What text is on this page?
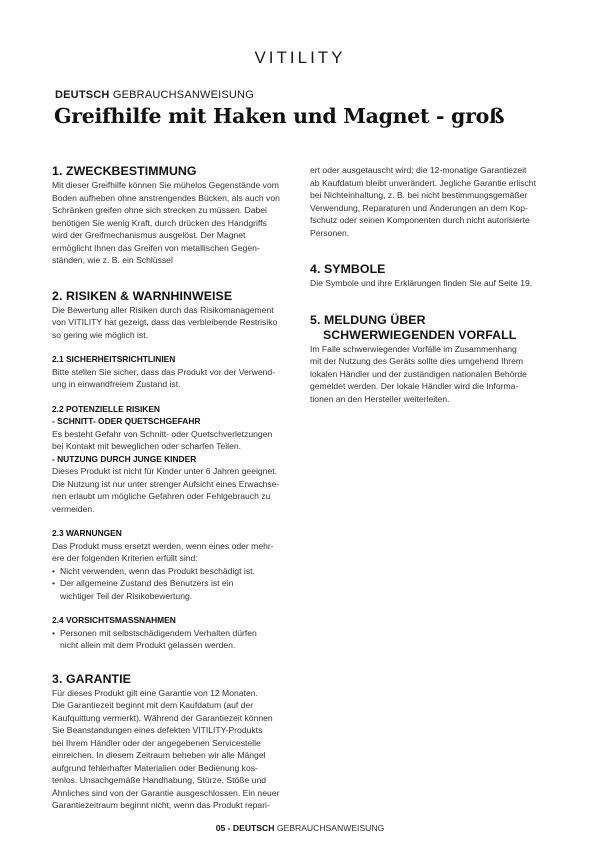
VITILITY
DEUTSCH GEBRAUCHSANWEISUNG
Greifhilfe mit Haken und Magnet - groß
1. ZWECKBESTIMMUNG
Mit dieser Greifhilfe können Sie mühelos Gegenstände vom
Boden aufheben ohne anstrengendes Bücken, als auch von
Schränken greifen ohne sich strecken zu müssen. Dabei
benötigen Sie wenig Kraft, durch drücken des Handgriffs
wird der Greifmechanismus ausgelöst. Der Magnet
ermöglicht Ihnen das Greifen von metallischen Gegen-
ständen, wie z. B. ein Schlüssel
2. RISIKEN & WARNHINWEISE
Die Bewertung aller Risiken durch das Risikomanagement
von VITILITY hat gezeigt, dass das verbleibende Restrisiko
so gering wie möglich ist.
2.1 SICHERHEITSRICHTLINIEN
Bitte stellen Sie sicher, dass das Produkt vor der Verwend-
ung in einwandfreiem Zustand ist.
2.2 POTENZIELLE RISIKEN
- SCHNITT- ODER QUETSCHGEFAHR
Es besteht Gefahr von Schnitt- oder Quetschverletzungen
bei Kontakt mit beweglichen oder scharfen Teilen.
- NUTZUNG DURCH JUNGE KINDER
Dieses Produkt ist nicht für Kinder unter 6 Jahren geeignet.
Die Nutzung ist nur unter strenger Aufsicht eines Erwachse-
nen erlaubt um mögliche Gefahren oder Fehlgebrauch zu
vermeiden.
2.3 WARNUNGEN
Das Produkt muss ersetzt werden, wenn eines oder mehr-
ere der folgenden Kriterien erfüllt sind:
• Nicht verwenden, wenn das Produkt beschädigt ist.
• Der allgemeine Zustand des Benutzers ist ein
wichtiger Teil der Risikobewertung.
2.4 VORSICHTSMASSNAHMEN
• Personen mit selbstschädigendem Verhalten dürfen
nicht allein mit dem Produkt gelassen werden.
3. GARANTIE
Für dieses Produkt gilt eine Garantie von 12 Monaten.
Die Garantiezeit beginnt mit dem Kaufdatum (auf der
Kaufquittung vermerkt). Während der Garantiezeit können
Sie Beanstandungen eines defekten VITILITY-Produkts
bei Ihrem Händler oder der angegebenen Servicestelle
einreichen. In diesem Zeitraum beheben wir alle Mängel
aufgrund fehlerhafter Materialien oder Bedienung kos-
tenlos. Unsachgemäße Handhabung, Stürze, Stöße und
Ähnliches sind von der Garantie ausgeschlossen. Ein neuer
Garantiezeitraum beginnt nicht, wenn das Produkt repari-
ert oder ausgetauscht wird; die 12-monatige Garantiezeit
ab Kaufdatum bleibt unverändert. Jegliche Garantie erlischt
bei Nichteinhaltung, z. B. bei nicht bestimmungsgemäßer
Verwendung, Reparaturen und Änderungen an dem Kop-
fschutz oder seinen Komponenten durch nicht autorisierte
Personen.
4. SYMBOLE
Die Symbole und ihre Erklärungen finden Sie auf Seite 19.
5. MELDUNG ÜBER
SCHWERWIEGENDEN VORFALL
Im Falle schwerwiegender Vorfälle im Zusammenhang
mit der Nutzung des Geräts sollte dies umgehend Ihrem
lokalen Händler und der zuständigen nationalen Behörde
gemeldet werden. Der lokale Händler wird die Informa-
tionen an den Hersteller weiterleiten.
05 - DEUTSCH GEBRAUCHSANWEISUNG
